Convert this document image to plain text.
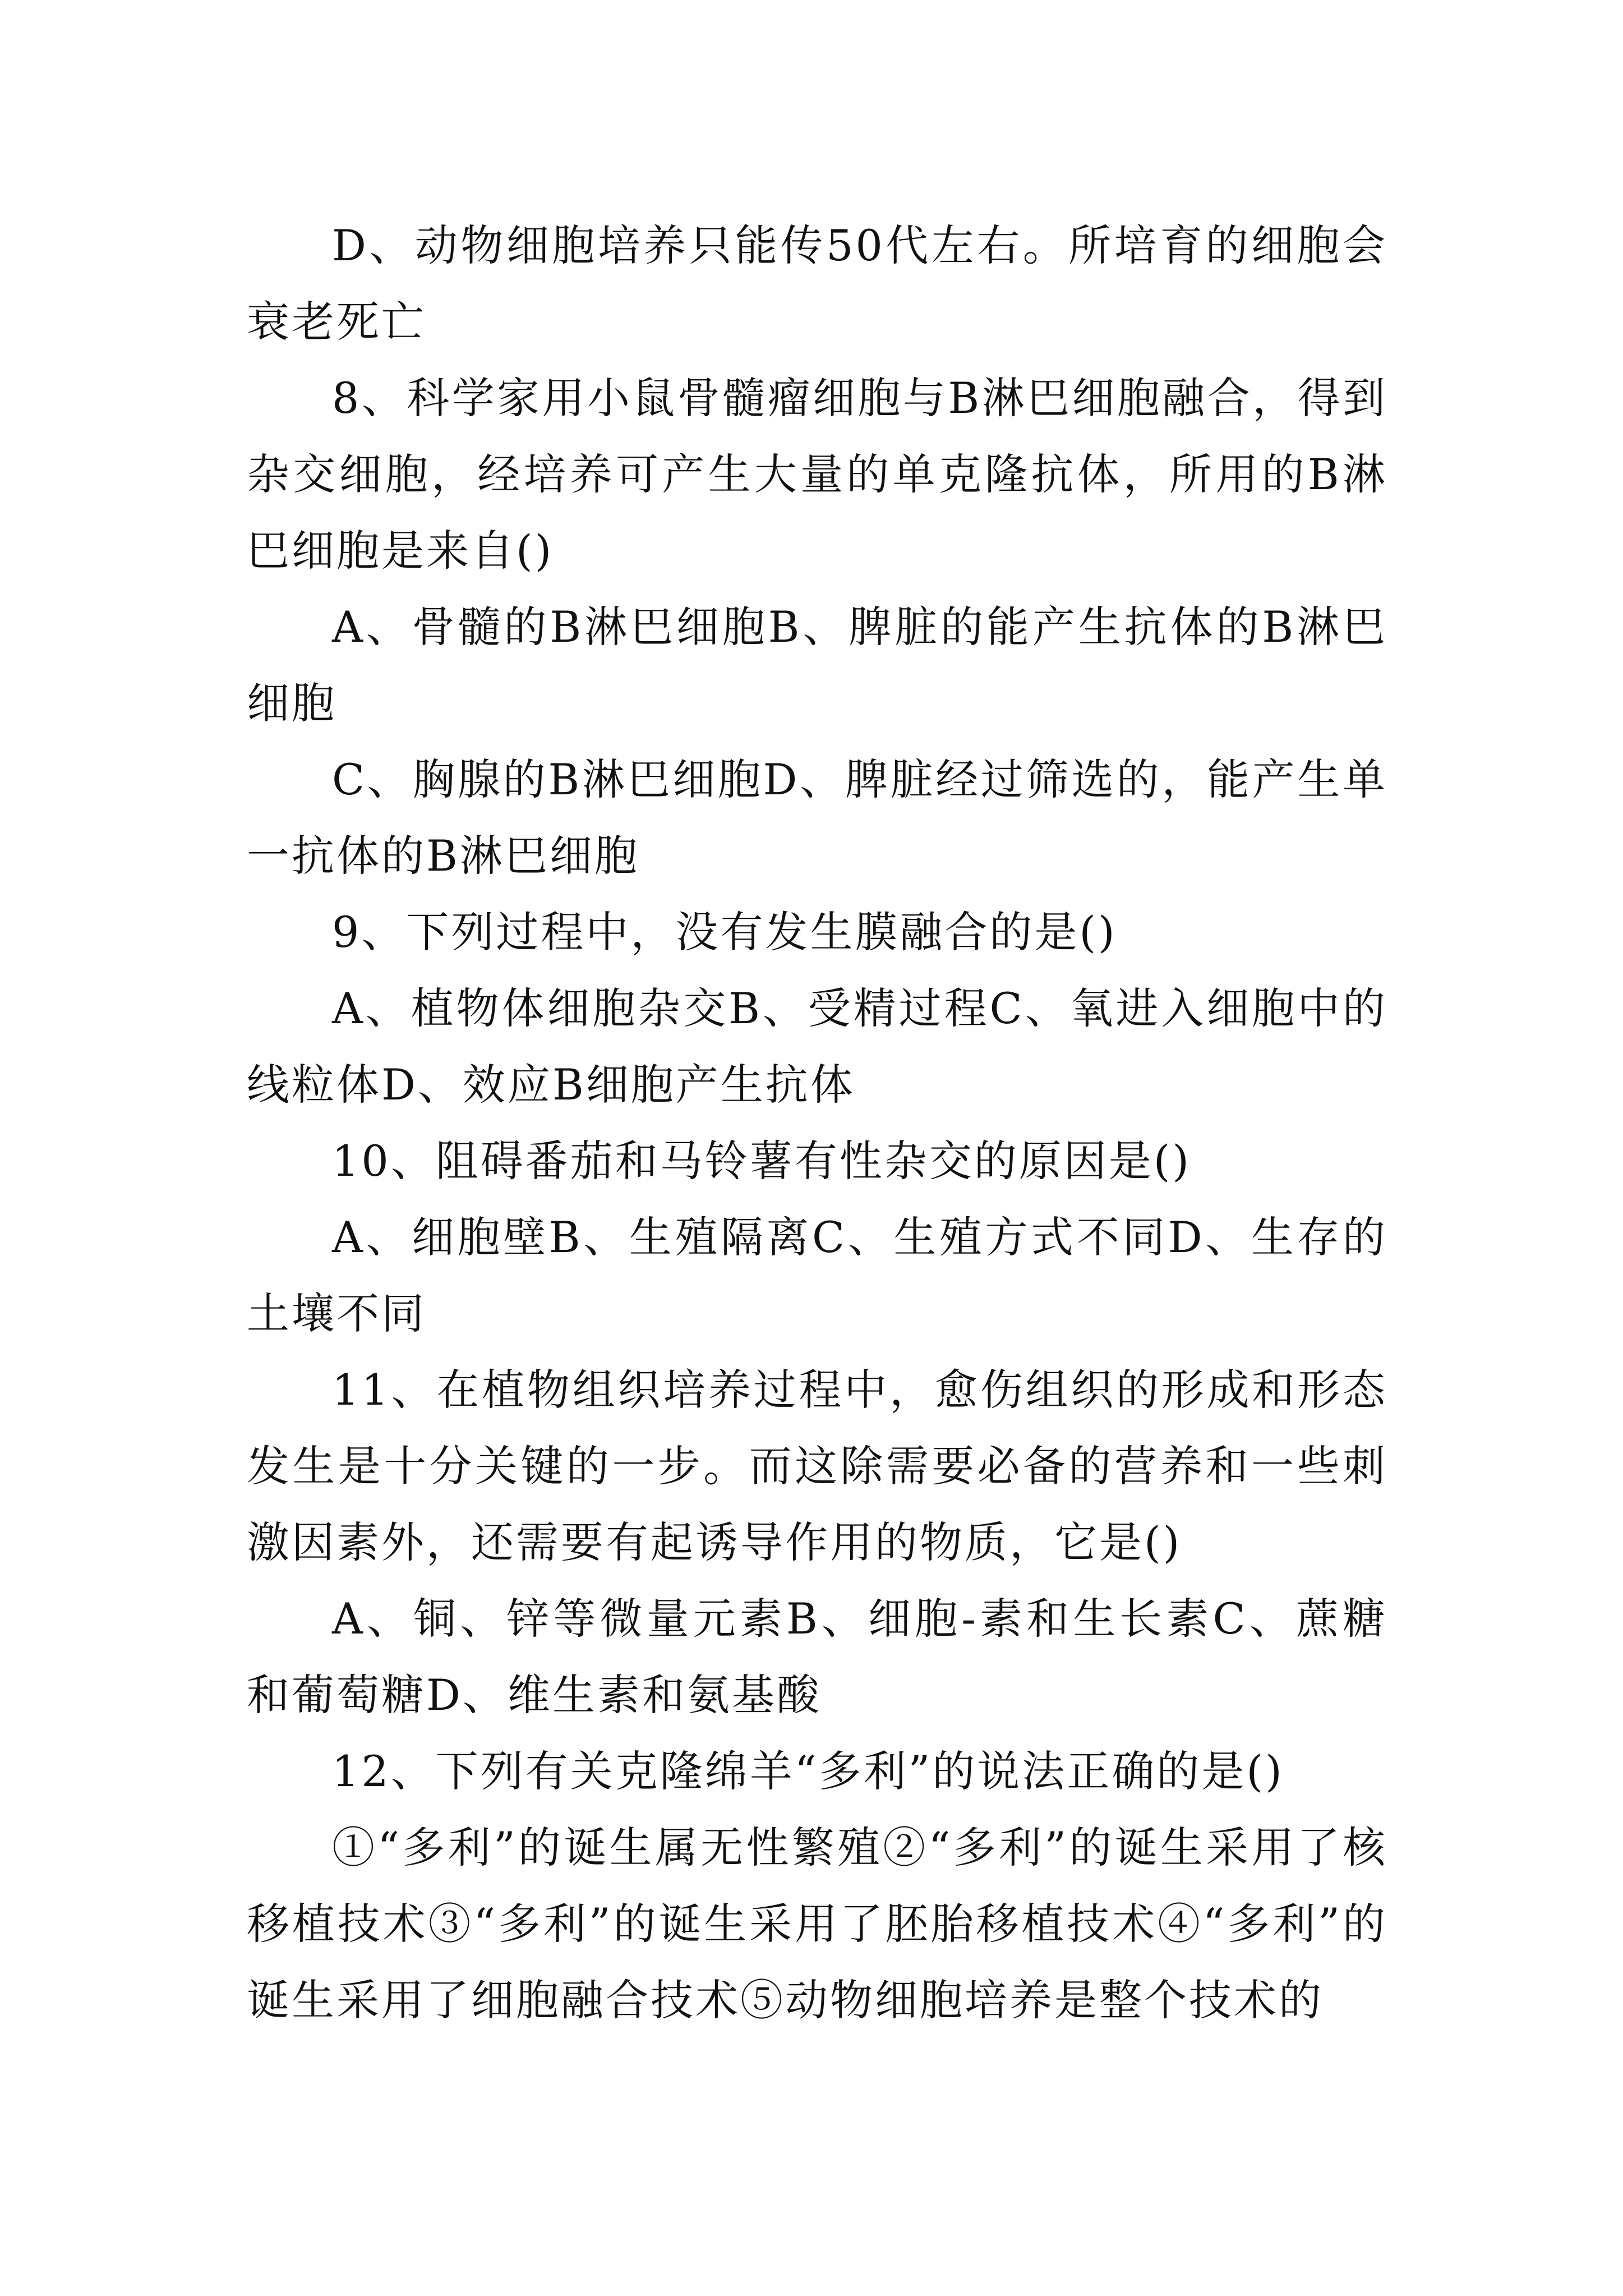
D、动物细胞培养只能传50代左右。所培育的细胞会衰老死亡

8、科学家用小鼠骨髓瘤细胞与B淋巴细胞融合，得到杂交细胞，经培养可产生大量的单克隆抗体，所用的B淋巴细胞是来自()

A、骨髓的B淋巴细胞B、脾脏的能产生抗体的B淋巴细胞

C、胸腺的B淋巴细胞D、脾脏经过筛选的，能产生单一抗体的B淋巴细胞

9、下列过程中，没有发生膜融合的是()

A、植物体细胞杂交B、受精过程C、氧进入细胞中的线粒体D、效应B细胞产生抗体

10、阻碍番茄和马铃薯有性杂交的原因是()

A、细胞壁B、生殖隔离C、生殖方式不同D、生存的土壤不同

11、在植物组织培养过程中，愈伤组织的形成和形态发生是十分关键的一步。而这除需要必备的营养和一些刺激因素外，还需要有起诱导作用的物质，它是()

A、铜、锌等微量元素B、细胞-素和生长素C、蔗糖和葡萄糖D、维生素和氨基酸

12、下列有关克隆绵羊“多利”的说法正确的是()

①“多利”的诞生属无性繁殖②“多利”的诞生采用了核移植技术③“多利”的诞生采用了胚胎移植技术④“多利”的诞生采用了细胞融合技术⑤动物细胞培养是整个技术的
